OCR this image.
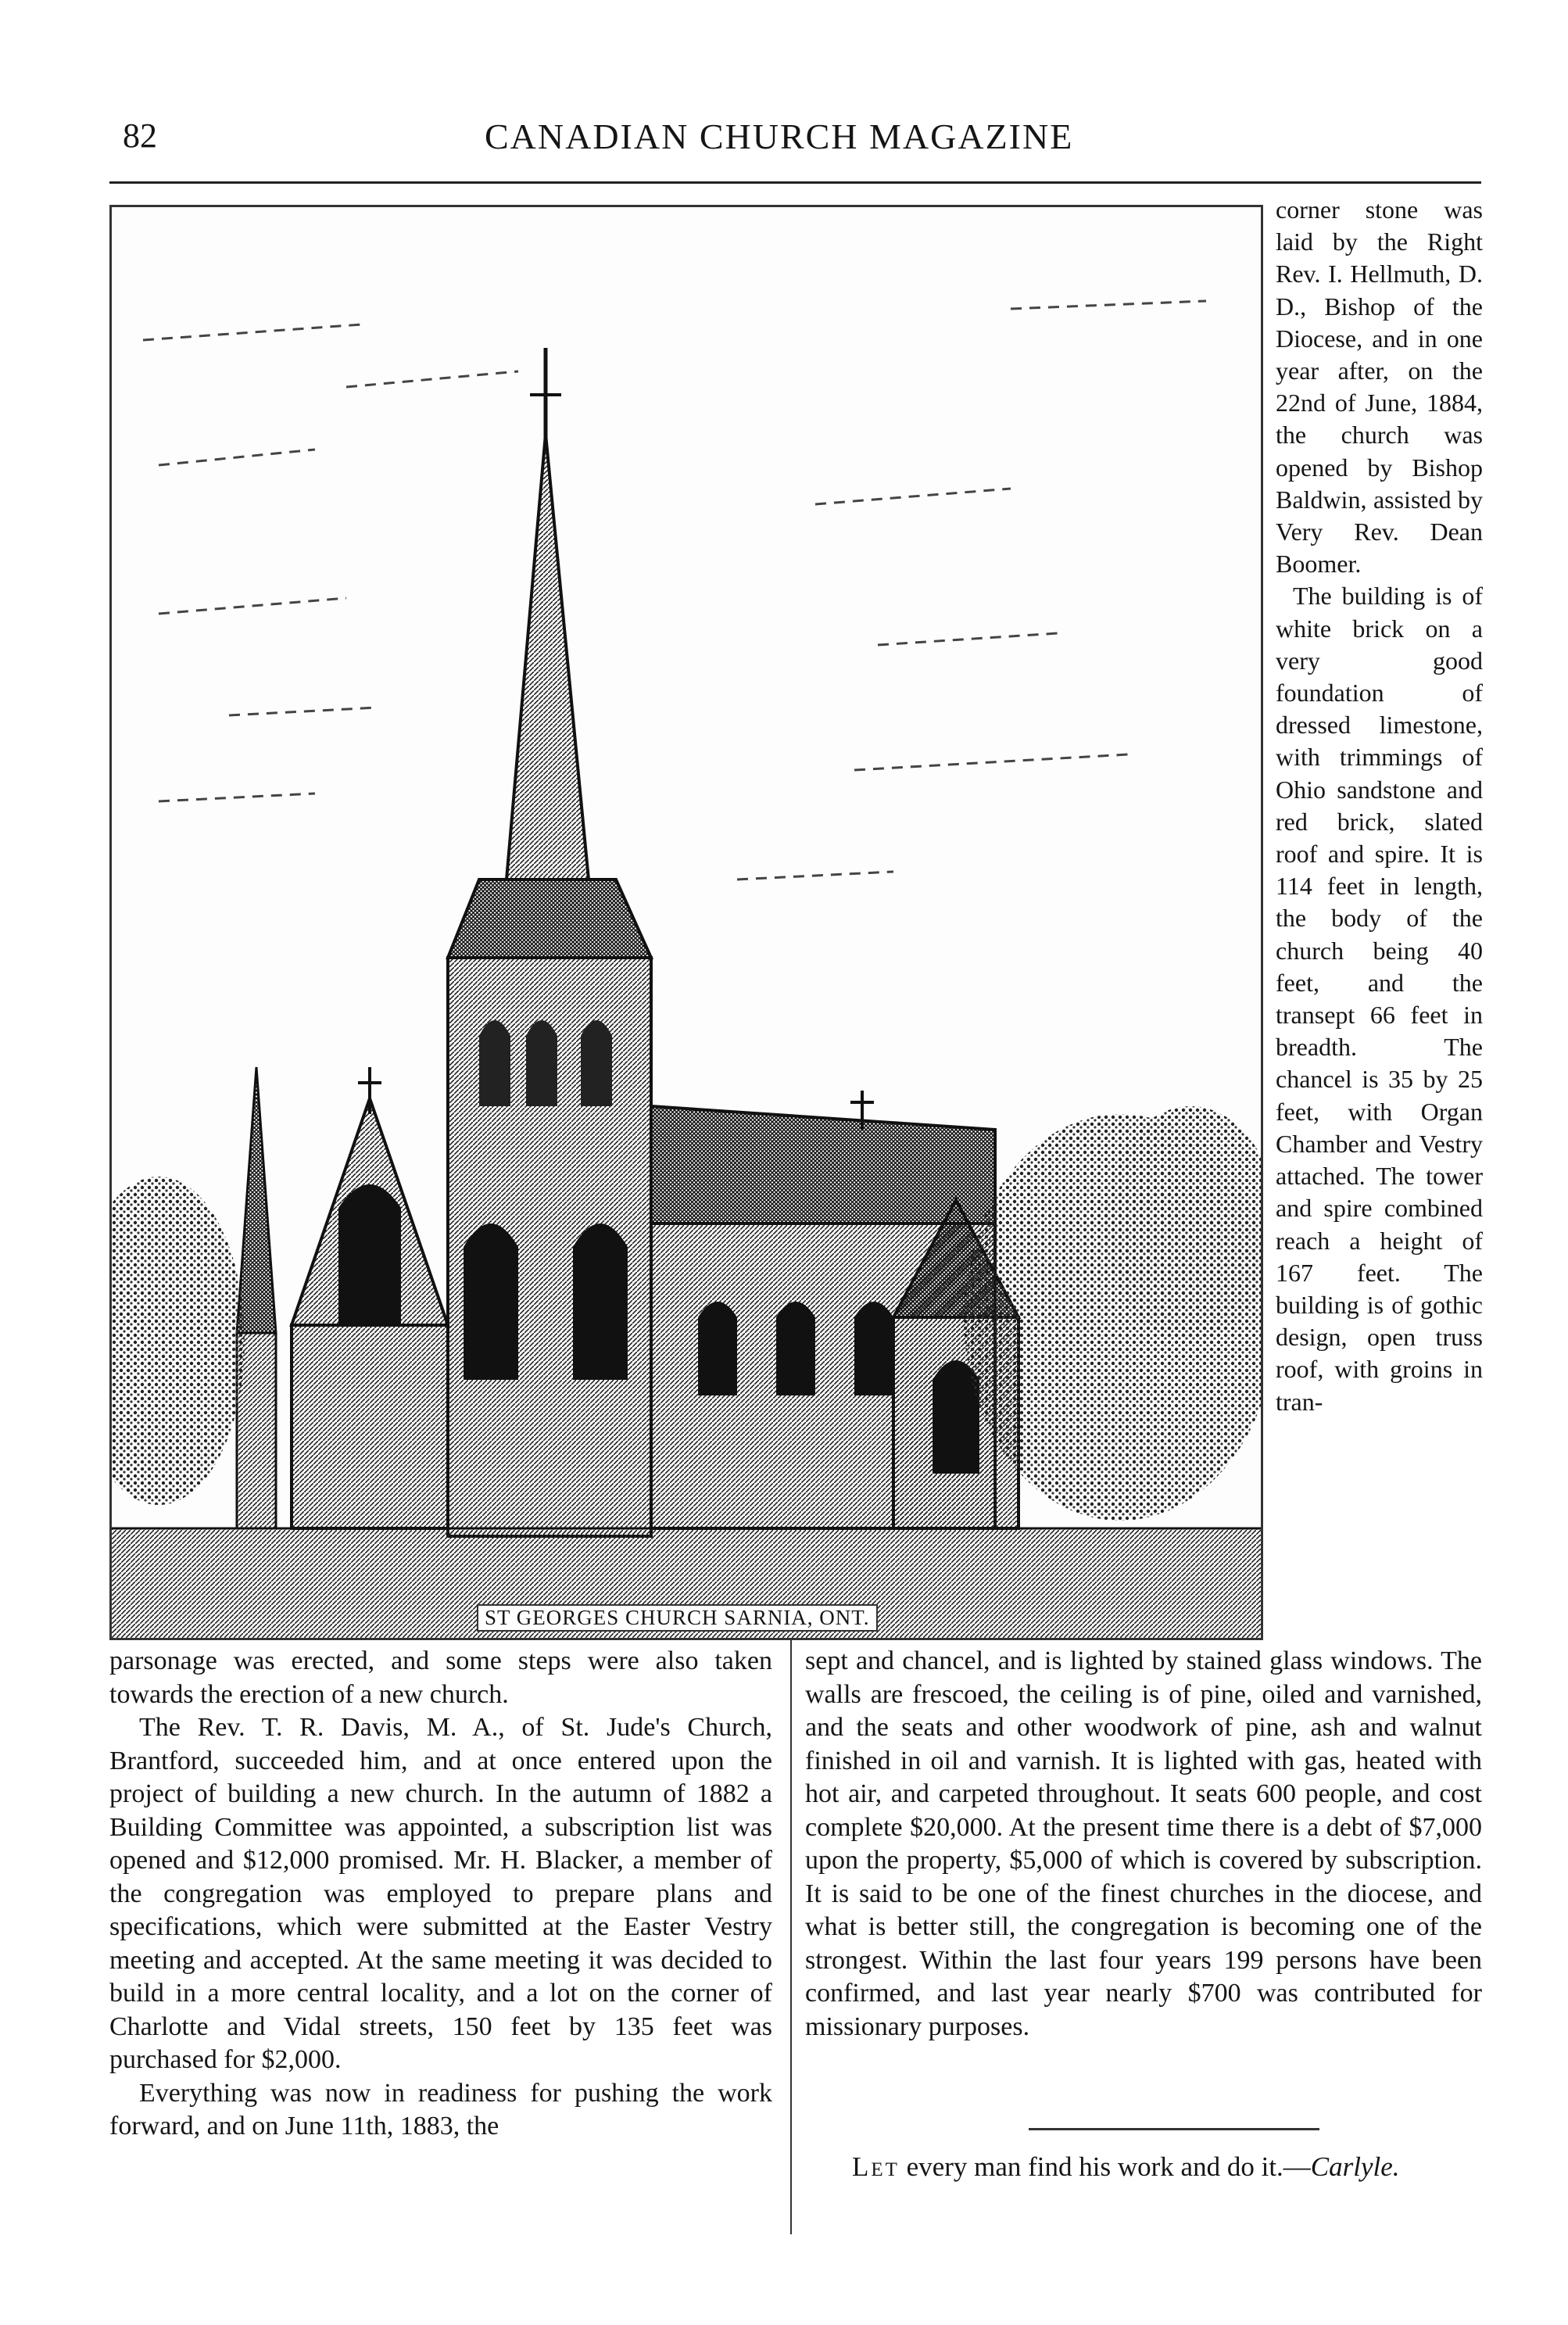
82	CANADIAN CHURCH MAGAZINE
ST GEORGES CHURCH SARNIA, ONT.

corner stone was laid by the Right Rev. I. Hellmuth, D. D., Bishop of the Diocese, and in one year after, on the 22nd of June, 1884, the church was opened by Bishop Baldwin, assisted by Very Rev. Dean Boomer.

The building is of white brick on a very good foundation of dressed limestone, with trimmings of Ohio sandstone and red brick, slated roof and spire. It is 114 feet in length, the body of the church being 40 feet, and the transept 66 feet in breadth. The chancel is 35 by 25 feet, with Organ Chamber and Vestry attached. The tower and spire combined reach a height of 167 feet. The building is of gothic design, open truss roof, with groins in tran-

parsonage was erected, and some steps were also taken towards the erection of a new church.

The Rev. T. R. Davis, M. A., of St. Jude's Church, Brantford, succeeded him, and at once entered upon the project of building a new church. In the autumn of 1882 a Building Committee was appointed, a subscription list was opened and $12,000 promised. Mr. H. Blacker, a member of the congregation was employed to prepare plans and specifications, which were submitted at the Easter Vestry meeting and accepted. At the same meeting it was decided to build in a more central locality, and a lot on the corner of Charlotte and Vidal streets, 150 feet by 135 feet was purchased for $2,000.

Everything was now in readiness for pushing the work forward, and on June 11th, 1883, the

sept and chancel, and is lighted by stained glass windows. The walls are frescoed, the ceiling is of pine, oiled and varnished, and the seats and other woodwork of pine, ash and walnut finished in oil and varnish. It is lighted with gas, heated with hot air, and carpeted throughout. It seats 600 people, and cost complete $20,000. At the present time there is a debt of $7,000 upon the property, $5,000 of which is covered by subscription. It is said to be one of the finest churches in the diocese, and what is better still, the congregation is becoming one of the strongest. Within the last four years 199 persons have been confirmed, and last year nearly $700 was contributed for missionary purposes.

Let every man find his work and do it.—Carlyle.
